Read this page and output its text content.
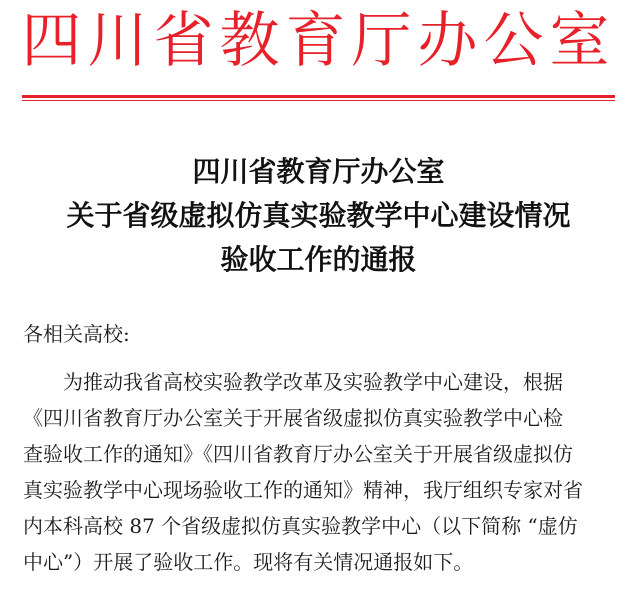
四川省教育厅办公室
四川省教育厅办公室
关于省级虚拟仿真实验教学中心建设情况
验收工作的通报
各相关高校:
为推动我省高校实验教学改革及实验教学中心建设，根据
《四川省教育厅办公室关于开展省级虚拟仿真实验教学中心检
查验收工作的通知》《四川省教育厅办公室关于开展省级虚拟仿
真实验教学中心现场验收工作的通知》精神，我厅组织专家对省
内本科高校 87 个省级虚拟仿真实验教学中心（以下简称 “虚仿
中心”）开展了验收工作。现将有关情况通报如下。
